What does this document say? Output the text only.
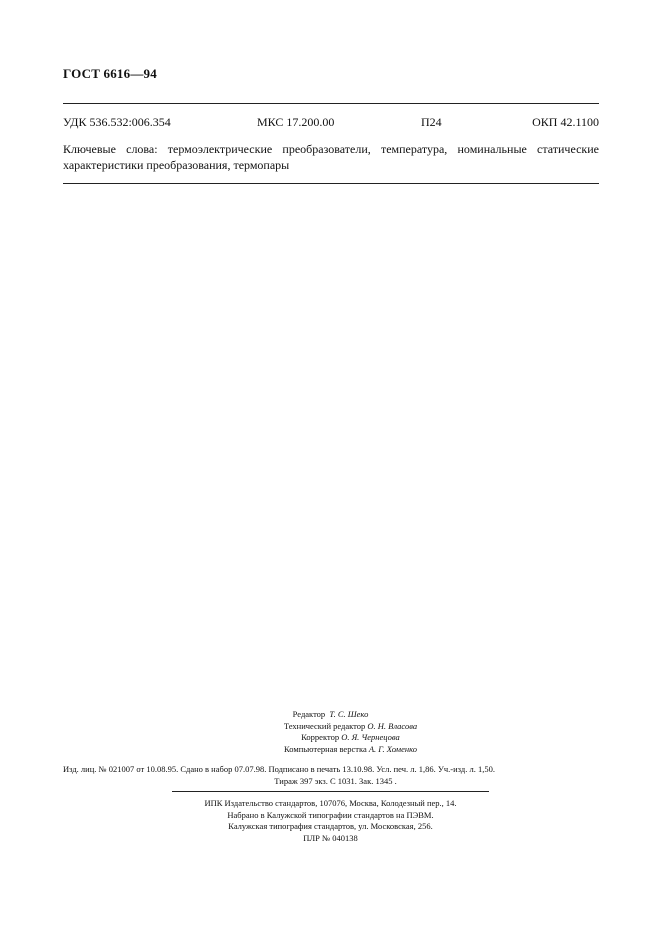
ГОСТ 6616—94
УДК 536.532:006.354	МКС 17.200.00	П24	ОКП 42.1100
Ключевые слова: термоэлектрические преобразователи, температура, номинальные статические характеристики преобразования, термопары
Редактор Т. С. Шеко
Технический редактор О. Н. Власова
Корректор О. Я. Чернецова
Компьютерная верстка А. Г. Хоменко
Изд. лиц. № 021007 от 10.08.95. Сдано в набор 07.07.98. Подписано в печать 13.10.98. Усл. печ. л. 1,86. Уч.-изд. л. 1,50.
Тираж 397 экз. С 1031. Зак. 1345 .
ИПК Издательство стандартов, 107076, Москва, Колодезный пер., 14.
Набрано в Калужской типографии стандартов на ПЭВМ.
Калужская типография стандартов, ул. Московская, 256.
ПЛР № 040138
